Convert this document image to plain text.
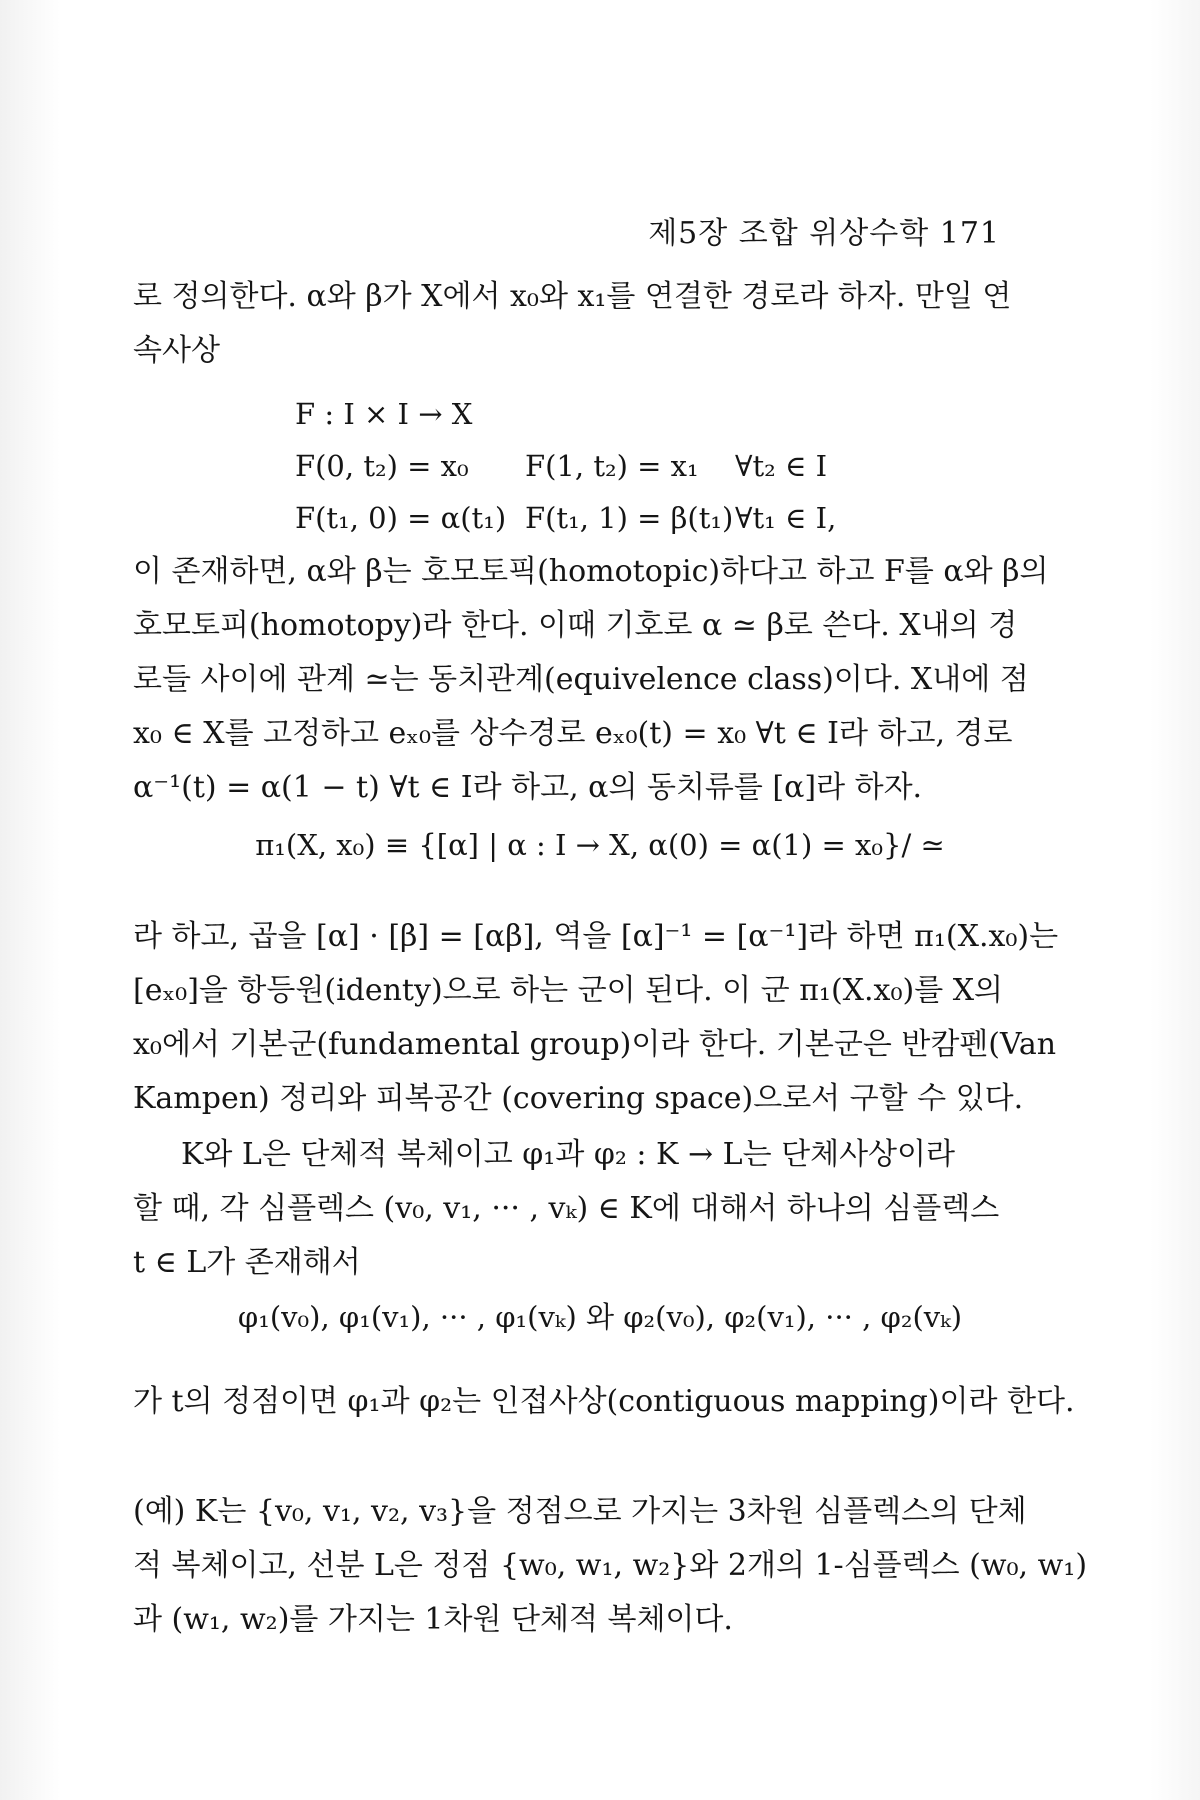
제5장 조합 위상수학 171
로 정의한다. α와 β가 X에서 x₀와 x₁를 연결한 경로라 하자. 만일 연
속사상
F : I × I → X
F(0, t₂) = x₀	F(1, t₂) = x₁	∀t₂ ∈ I
F(t₁, 0) = α(t₁) F(t₁, 1) = β(t₁) ∀t₁ ∈ I,
이 존재하면, α와 β는 호모토픽(homotopic)하다고 하고 F를 α와 β의
호모토피(homotopy)라 한다. 이때 기호로 α ≃ β로 쓴다. X내의 경
로들 사이에 관계 ≃는 동치관계(equivelence class)이다. X내에 점
x₀ ∈ X를 고정하고 eₓ₀를 상수경로 eₓ₀(t) = x₀ ∀t ∈ I라 하고, 경로
α⁻¹(t) = α(1 − t) ∀t ∈ I라 하고, α의 동치류를 [α]라 하자.
π₁(X, x₀) ≡ {[α] | α : I → X, α(0) = α(1) = x₀}/ ≃
라 하고, 곱을 [α] · [β] = [αβ], 역을 [α]⁻¹ = [α⁻¹]라 하면 π₁(X.x₀)는
[eₓ₀]을 항등원(identy)으로 하는 군이 된다. 이 군 π₁(X.x₀)를 X의
x₀에서 기본군(fundamental group)이라 한다. 기본군은 반캄펜(Van
Kampen) 정리와 피복공간 (covering space)으로서 구할 수 있다.
K와 L은 단체적 복체이고 φ₁과 φ₂ : K → L는 단체사상이라
할 때, 각 심플렉스 (v₀, v₁, ··· , vₖ) ∈ K에 대해서 하나의 심플렉스
t ∈ L가 존재해서
φ₁(v₀), φ₁(v₁), ··· , φ₁(vₖ) 와 φ₂(v₀), φ₂(v₁), ··· , φ₂(vₖ)
가 t의 정점이면 φ₁과 φ₂는 인접사상(contiguous mapping)이라 한다.
(예) K는 {v₀, v₁, v₂, v₃}을 정점으로 가지는 3차원 심플렉스의 단체
적 복체이고, 선분 L은 정점 {w₀, w₁, w₂}와 2개의 1-심플렉스 (w₀, w₁)
과 (w₁, w₂)를 가지는 1차원 단체적 복체이다.
